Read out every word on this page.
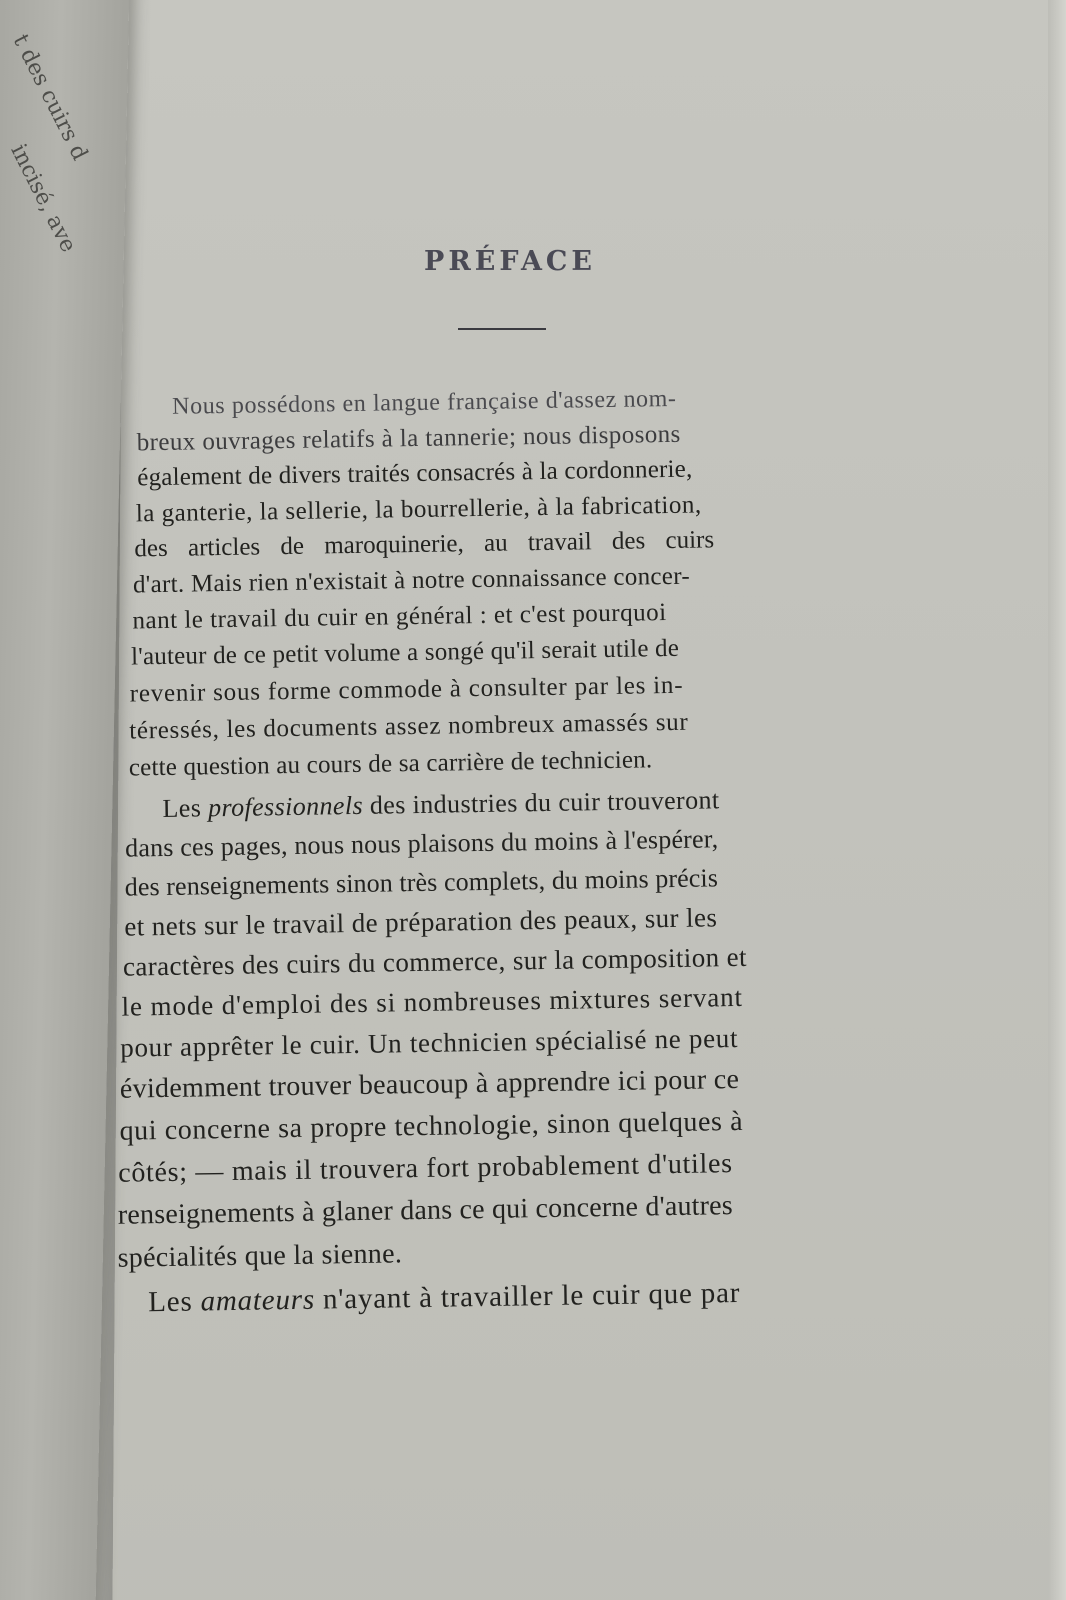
t des cuirs d
incisé, ave
PRÉFACE
Nous possédons en langue française d'assez nom-
breux ouvrages relatifs à la tannerie; nous disposons
également de divers traités consacrés à la cordonnerie,
la ganterie, la sellerie, la bourrellerie, à la fabrication,
des articles de maroquinerie, au travail des cuirs
d'art. Mais rien n'existait à notre connaissance concer-
nant le travail du cuir en général : et c'est pourquoi
l'auteur de ce petit volume a songé qu'il serait utile de
revenir sous forme commode à consulter par les in-
téressés, les documents assez nombreux amassés sur
cette question au cours de sa carrière de technicien.
Les professionnels des industries du cuir trouveront
dans ces pages, nous nous plaisons du moins à l'espérer,
des renseignements sinon très complets, du moins précis
et nets sur le travail de préparation des peaux, sur les
caractères des cuirs du commerce, sur la composition et
le mode d'emploi des si nombreuses mixtures servant
pour apprêter le cuir. Un technicien spécialisé ne peut
évidemment trouver beaucoup à apprendre ici pour ce
qui concerne sa propre technologie, sinon quelques à
côtés; — mais il trouvera fort probablement d'utiles
renseignements à glaner dans ce qui concerne d'autres
spécialités que la sienne.
Les amateurs n'ayant à travailler le cuir que par
